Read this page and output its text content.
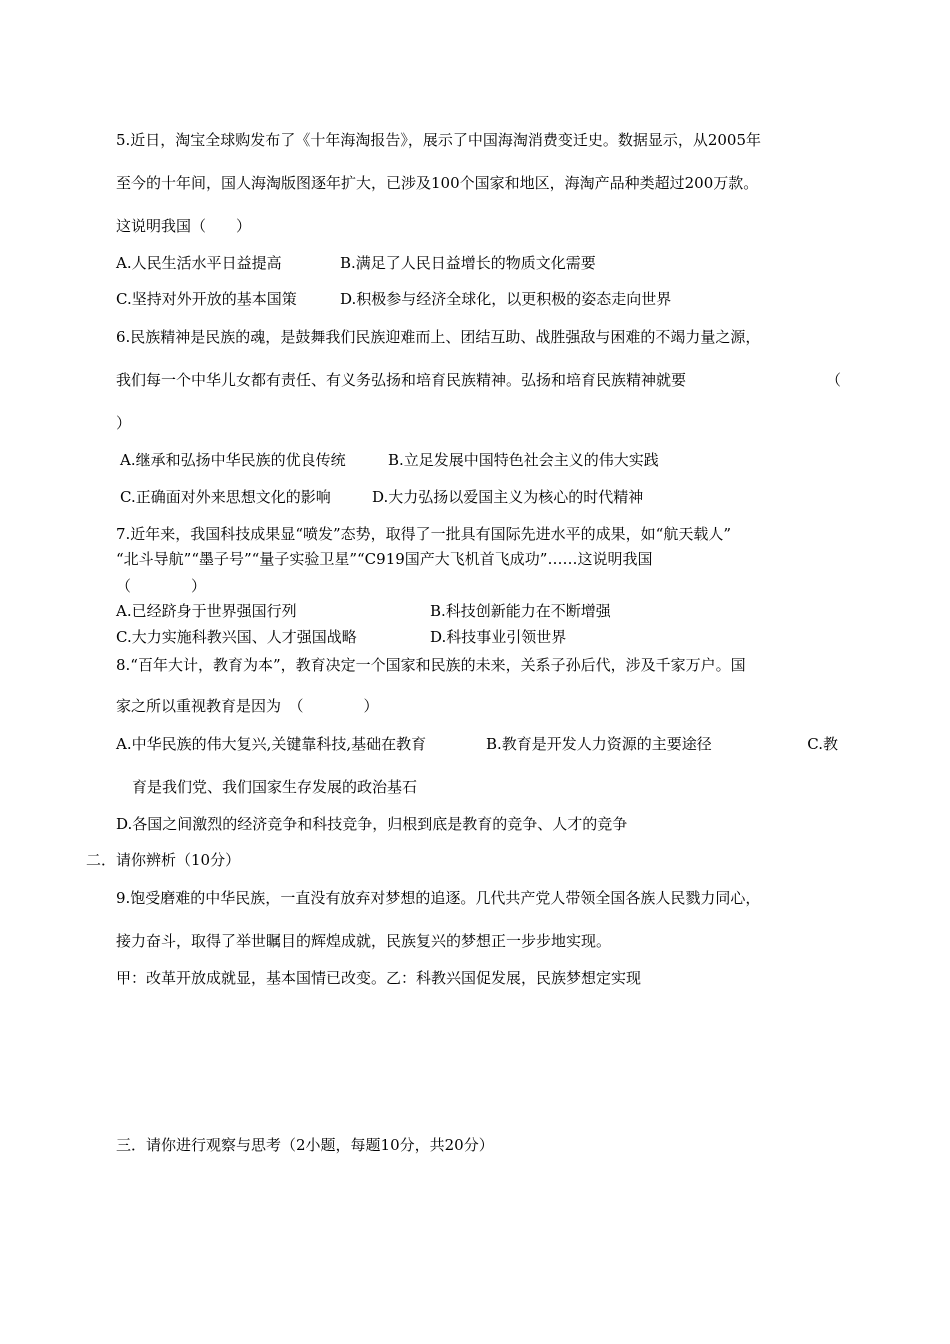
5.近日，淘宝全球购发布了《十年海淘报告》，展示了中国海淘消费变迁史。数据显示，从2005年
至今的十年间，国人海淘版图逐年扩大，已涉及100个国家和地区，海淘产品种类超过200万款。
这说明我国（　　）
A.人民生活水平日益提高	B.满足了人民日益增长的物质文化需要
C.坚持对外开放的基本国策	D.积极参与经济全球化，以更积极的姿态走向世界
6.民族精神是民族的魂，是鼓舞我们民族迎难而上、团结互助、战胜强敌与困难的不竭力量之源，
我们每一个中华儿女都有责任、有义务弘扬和培育民族精神。弘扬和培育民族精神就要	（
）
A.继承和弘扬中华民族的优良传统	B.立足发展中国特色社会主义的伟大实践
C.正确面对外来思想文化的影响	D.大力弘扬以爱国主义为核心的时代精神
7.近年来，我国科技成果显“喷发”态势，取得了一批具有国际先进水平的成果，如“航天载人”
“北斗导航”“墨子号”“量子实验卫星”“C919国产大飞机首飞成功”……这说明我国
（　　　　）
A.已经跻身于世界强国行列	B.科技创新能力在不断增强
C.大力实施科教兴国、人才强国战略	D.科技事业引领世界
8.“百年大计，教育为本”，教育决定一个国家和民族的未来，关系子孙后代，涉及千家万户。国
家之所以重视教育是因为　（　　　　）
A.中华民族的伟大复兴,关键靠科技,基础在教育	B.教育是开发人力资源的主要途径	C.教
育是我们党、我们国家生存发展的政治基石
D.各国之间激烈的经济竞争和科技竞争，归根到底是教育的竞争、人才的竞争
二．请你辨析（10分）
9.饱受磨难的中华民族，一直没有放弃对梦想的追逐。几代共产党人带领全国各族人民戮力同心，
接力奋斗，取得了举世瞩目的辉煌成就，民族复兴的梦想正一步步地实现。
甲：改革开放成就显，基本国情已改变。乙：科教兴国促发展，民族梦想定实现
三．请你进行观察与思考（2小题，每题10分，共20分）
